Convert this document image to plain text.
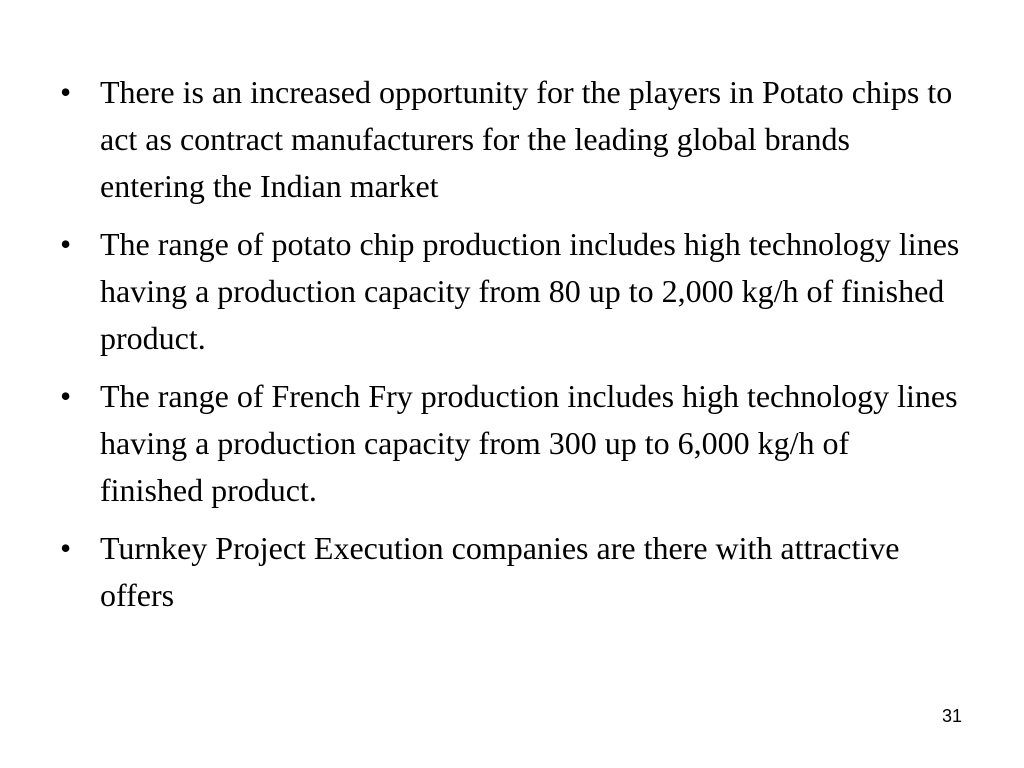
• There is an increased opportunity for the players in Potato chips to act as contract manufacturers for the leading global brands entering the Indian market
• The range of potato chip production includes high technology lines having a production capacity from 80 up to 2,000 kg/h of finished product.
• The range of French Fry production includes high technology lines having a production capacity from 300 up to 6,000 kg/h of finished product.
• Turnkey Project Execution companies are there with attractive offers
31
